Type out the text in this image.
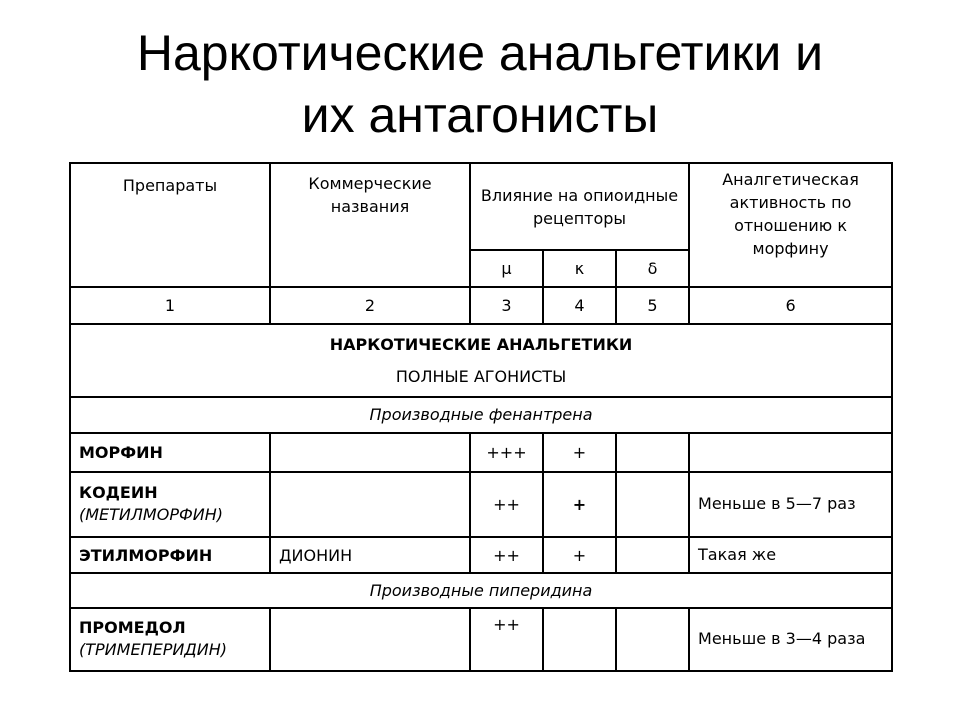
Наркотические анальгетики и
их антагонисты
Препараты	Коммерческие названия	Влияние на опиоидные рецепторы			Аналгетическая активность по отношению к морфину
		μ	κ	δ	
1	2	3	4	5	6

НАРКОТИЧЕСКИЕ АНАЛЬГЕТИКИ
ПОЛНЫЕ АГОНИСТЫ					

Производные фенантрена					
МОРФИН		+++	+		

КОДЕИН
(МЕТИЛМОРФИН)		++	+		Меньше в 5—7 раз
ЭТИЛМОРФИН	ДИОНИН	++	+		Такая же
Производные пиперидина					

ПРОМЕДОЛ
(ТРИМЕПЕРИДИН)		++			Меньше в 3—4 раза
